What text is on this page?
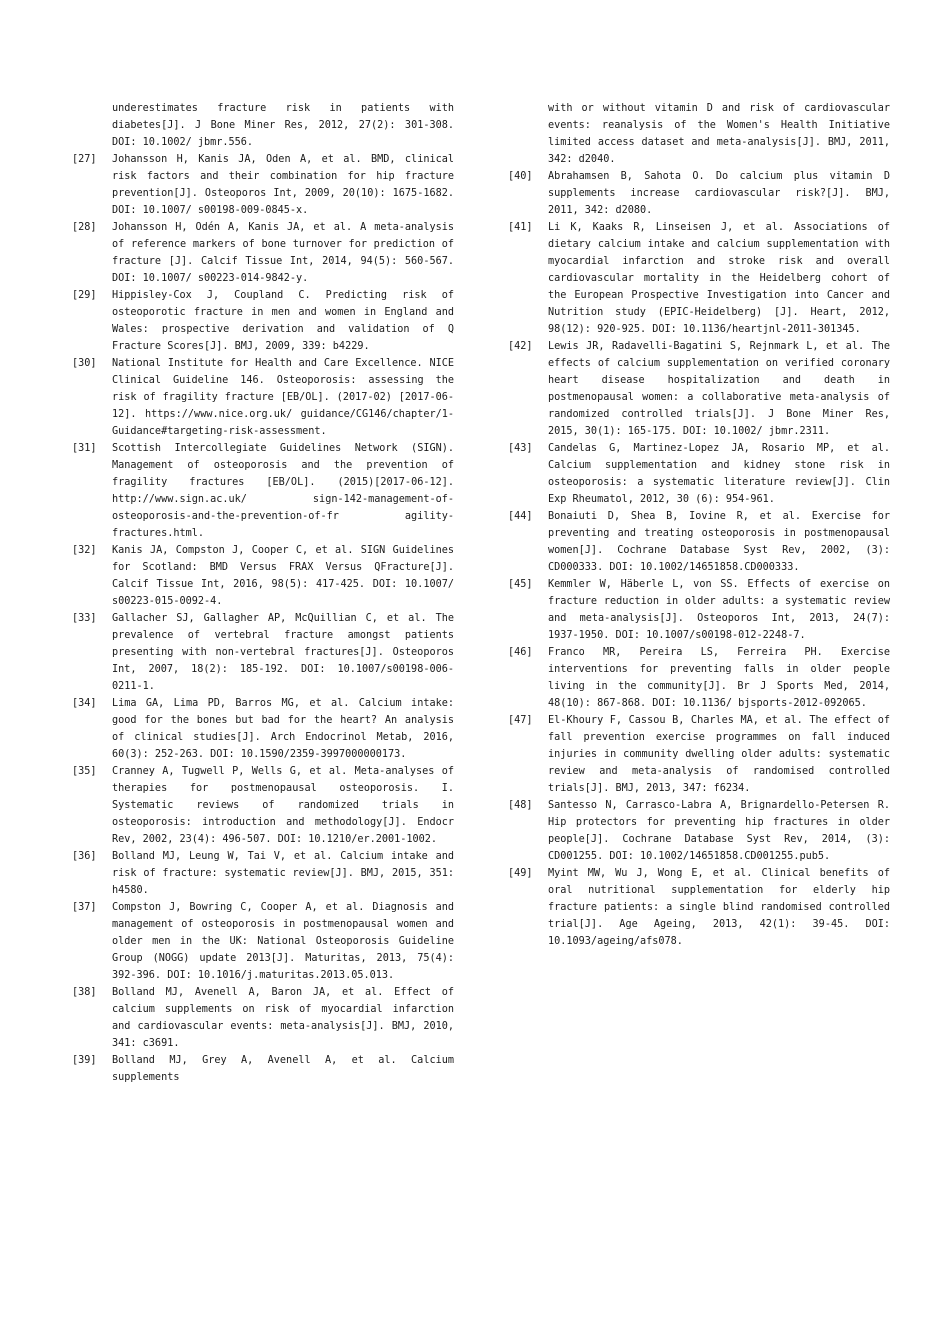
underestimates fracture risk in patients with diabetes[J]. J Bone Miner Res, 2012, 27(2): 301-308. DOI: 10.1002/ jbmr.556.
[27]	Johansson H, Kanis JA, Oden A, et al. BMD, clinical risk factors and their combination for hip fracture prevention[J]. Osteoporos Int, 2009, 20(10): 1675-1682. DOI: 10.1007/ s00198-009-0845-x.
[28]	Johansson H, Odén A, Kanis JA, et al. A meta-analysis of reference markers of bone turnover for prediction of fracture [J]. Calcif Tissue Int, 2014, 94(5): 560-567. DOI: 10.1007/ s00223-014-9842-y.
[29]	Hippisley-Cox J, Coupland C. Predicting risk of osteoporotic fracture in men and women in England and Wales: prospective derivation and validation of Q Fracture Scores[J]. BMJ, 2009, 339: b4229.
[30]	National Institute for Health and Care Excellence. NICE Clinical Guideline 146. Osteoporosis: assessing the risk of fragility fracture [EB/OL]. (2017-02) [2017-06-12]. https://www.nice.org.uk/ guidance/CG146/chapter/1-Guidance#targeting-risk-assessment.
[31]	Scottish Intercollegiate Guidelines Network (SIGN). Management of osteoporosis and the prevention of fragility fractures [EB/OL]. (2015)[2017-06-12]. http://www.sign.ac.uk/ sign-142-management-of-osteoporosis-and-the-prevention-of-fr agility-fractures.html.
[32]	Kanis JA, Compston J, Cooper C, et al. SIGN Guidelines for Scotland: BMD Versus FRAX Versus QFracture[J]. Calcif Tissue Int, 2016, 98(5): 417-425. DOI: 10.1007/ s00223-015-0092-4.
[33]	Gallacher SJ, Gallagher AP, McQuillian C, et al. The prevalence of vertebral fracture amongst patients presenting with non-vertebral fractures[J]. Osteoporos Int, 2007, 18(2): 185-192. DOI: 10.1007/s00198-006-0211-1.
[34]	Lima GA, Lima PD, Barros MG, et al. Calcium intake: good for the bones but bad for the heart? An analysis of clinical studies[J]. Arch Endocrinol Metab, 2016, 60(3): 252-263. DOI: 10.1590/2359-3997000000173.
[35]	Cranney A, Tugwell P, Wells G, et al. Meta-analyses of therapies for postmenopausal osteoporosis. I. Systematic reviews of randomized trials in osteoporosis: introduction and methodology[J]. Endocr Rev, 2002, 23(4): 496-507. DOI: 10.1210/er.2001-1002.
[36]	Bolland MJ, Leung W, Tai V, et al. Calcium intake and risk of fracture: systematic review[J]. BMJ, 2015, 351: h4580.
[37]	Compston J, Bowring C, Cooper A, et al. Diagnosis and management of osteoporosis in postmenopausal women and older men in the UK: National Osteoporosis Guideline Group (NOGG) update 2013[J]. Maturitas, 2013, 75(4): 392-396. DOI: 10.1016/j.maturitas.2013.05.013.
[38]	Bolland MJ, Avenell A, Baron JA, et al. Effect of calcium supplements on risk of myocardial infarction and cardiovascular events: meta-analysis[J]. BMJ, 2010, 341: c3691.
[39]	Bolland MJ, Grey A, Avenell A, et al. Calcium supplements
with or without vitamin D and risk of cardiovascular events: reanalysis of the Women's Health Initiative limited access dataset and meta-analysis[J]. BMJ, 2011, 342: d2040.
[40]	Abrahamsen B, Sahota O. Do calcium plus vitamin D supplements increase cardiovascular risk?[J]. BMJ, 2011, 342: d2080.
[41]	Li K, Kaaks R, Linseisen J, et al. Associations of dietary calcium intake and calcium supplementation with myocardial infarction and stroke risk and overall cardiovascular mortality in the Heidelberg cohort of the European Prospective Investigation into Cancer and Nutrition study (EPIC-Heidelberg) [J]. Heart, 2012, 98(12): 920-925. DOI: 10.1136/heartjnl-2011-301345.
[42]	Lewis JR, Radavelli-Bagatini S, Rejnmark L, et al. The effects of calcium supplementation on verified coronary heart disease hospitalization and death in postmenopausal women: a collaborative meta-analysis of randomized controlled trials[J]. J Bone Miner Res, 2015, 30(1): 165-175. DOI: 10.1002/ jbmr.2311.
[43]	Candelas G, Martinez-Lopez JA, Rosario MP, et al. Calcium supplementation and kidney stone risk in osteoporosis: a systematic literature review[J]. Clin Exp Rheumatol, 2012, 30 (6): 954-961.
[44]	Bonaiuti D, Shea B, Iovine R, et al. Exercise for preventing and treating osteoporosis in postmenopausal women[J]. Cochrane Database Syst Rev, 2002, (3): CD000333. DOI: 10.1002/14651858.CD000333.
[45]	Kemmler W, Häberle L, von SS. Effects of exercise on fracture reduction in older adults: a systematic review and meta-analysis[J]. Osteoporos Int, 2013, 24(7): 1937-1950. DOI: 10.1007/s00198-012-2248-7.
[46]	Franco MR, Pereira LS, Ferreira PH. Exercise interventions for preventing falls in older people living in the community[J]. Br J Sports Med, 2014, 48(10): 867-868. DOI: 10.1136/ bjsports-2012-092065.
[47]	El-Khoury F, Cassou B, Charles MA, et al. The effect of fall prevention exercise programmes on fall induced injuries in community dwelling older adults: systematic review and meta-analysis of randomised controlled trials[J]. BMJ, 2013, 347: f6234.
[48]	Santesso N, Carrasco-Labra A, Brignardello-Petersen R. Hip protectors for preventing hip fractures in older people[J]. Cochrane Database Syst Rev, 2014, (3): CD001255. DOI: 10.1002/14651858.CD001255.pub5.
[49]	Myint MW, Wu J, Wong E, et al. Clinical benefits of oral nutritional supplementation for elderly hip fracture patients: a single blind randomised controlled trial[J]. Age Ageing, 2013, 42(1): 39-45. DOI: 10.1093/ageing/afs078.
